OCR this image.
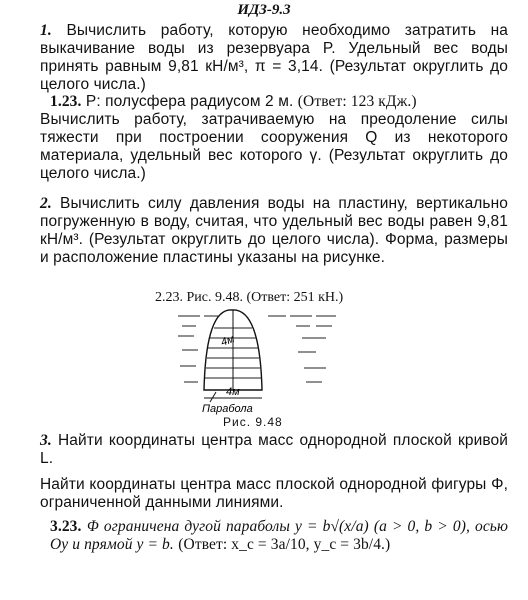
ИДЗ-9.3
1. Вычислить работу, которую необходимо затратить на выкачивание воды из резервуара P. Удельный вес воды принять равным 9,81 кН/м³, π = 3,14. (Результат округлить до целого числа.)
1.23. P: полусфера радиусом 2 м. (Ответ: 123 кДж.)
Вычислить работу, затрачиваемую на преодоление силы тяжести при построении сооружения Q из некоторого материала, удельный вес которого γ. (Результат округлить до целого числа.)
2. Вычислить силу давления воды на пластину, вертикально погруженную в воду, считая, что удельный вес воды равен 9,81 кН/м³. (Результат округлить до целого числа). Форма, размеры и расположение пластины указаны на рисунке.
2.23. Рис. 9.48. (Ответ: 251 кН.)
4м
4м
Парабола
Рис. 9.48
3. Найти координаты центра масс однородной плоской кривой L.
Найти координаты центра масс плоской однородной фигуры Φ, ограниченной данными линиями.
3.23. Φ ограничена дугой параболы y = b√(x/a) (a > 0, b > 0), осью Oy и прямой y = b. (Ответ: x_c = 3a/10, y_c = 3b/4.)
